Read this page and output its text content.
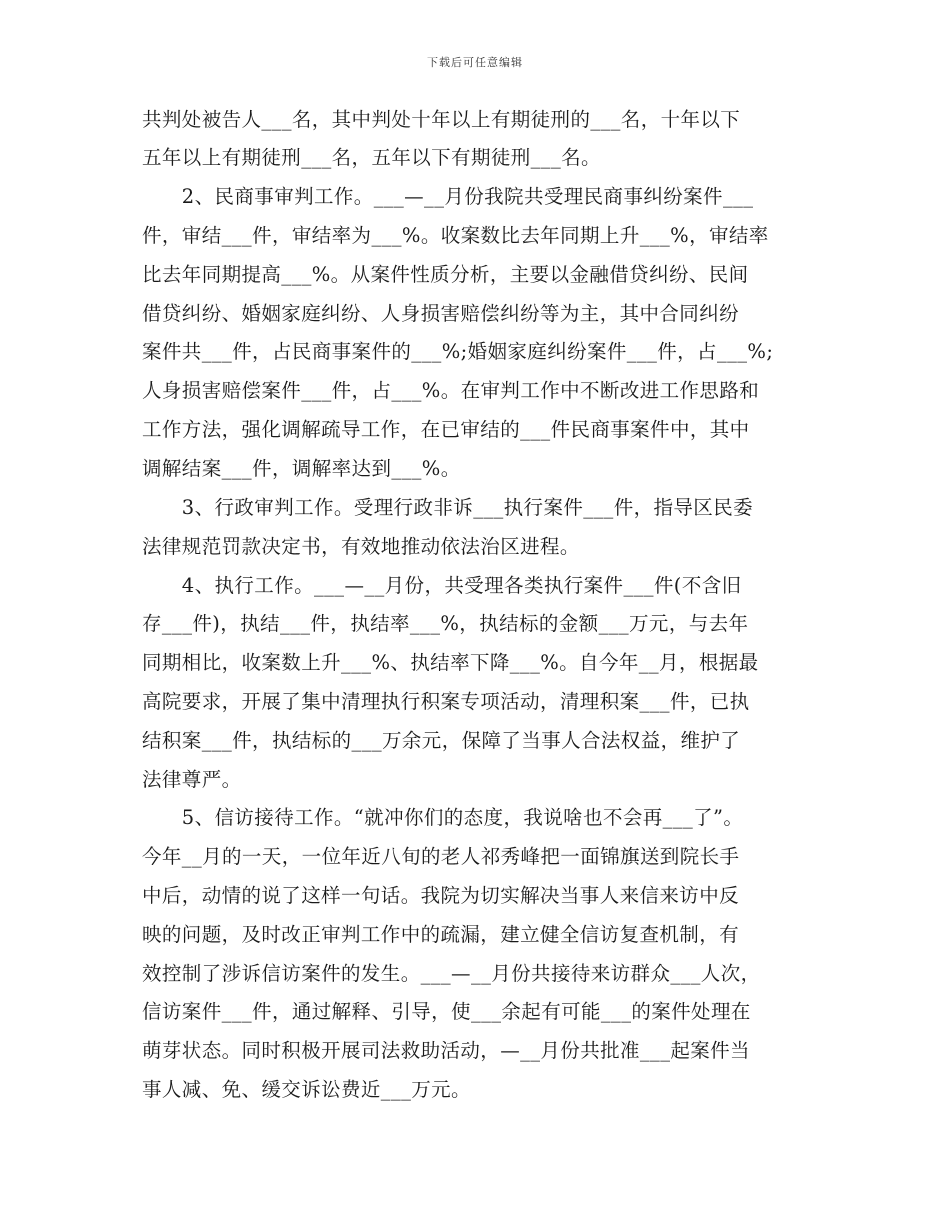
下载后可任意编辑
共判处被告人___名，其中判处十年以上有期徒刑的___名，十年以下
五年以上有期徒刑___名，五年以下有期徒刑___名。
　　2、民商事审判工作。___—__月份我院共受理民商事纠纷案件___
件，审结___件，审结率为___%。收案数比去年同期上升___%，审结率
比去年同期提高___%。从案件性质分析，主要以金融借贷纠纷、民间
借贷纠纷、婚姻家庭纠纷、人身损害赔偿纠纷等为主，其中合同纠纷
案件共___件，占民商事案件的___%;婚姻家庭纠纷案件___件，占___%;
人身损害赔偿案件___件，占___%。在审判工作中不断改进工作思路和
工作方法，强化调解疏导工作，在已审结的___件民商事案件中，其中
调解结案___件，调解率达到___%。
　　3、行政审判工作。受理行政非诉___执行案件___件，指导区民委
法律规范罚款决定书，有效地推动依法治区进程。
　　4、执行工作。___—__月份，共受理各类执行案件___件(不含旧
存___件)，执结___件，执结率___%，执结标的金额___万元，与去年
同期相比，收案数上升___%、执结率下降___%。自今年__月，根据最
高院要求，开展了集中清理执行积案专项活动，清理积案___件，已执
结积案___件，执结标的___万余元，保障了当事人合法权益，维护了
法律尊严。
　　5、信访接待工作。“就冲你们的态度，我说啥也不会再___了”。
今年__月的一天，一位年近八旬的老人祁秀峰把一面锦旗送到院长手
中后，动情的说了这样一句话。我院为切实解决当事人来信来访中反
映的问题，及时改正审判工作中的疏漏，建立健全信访复查机制，有
效控制了涉诉信访案件的发生。___—__月份共接待来访群众___人次，
信访案件___件，通过解释、引导，使___余起有可能___的案件处理在
萌芽状态。同时积极开展司法救助活动，—__月份共批准___起案件当
事人减、免、缓交诉讼费近___万元。
